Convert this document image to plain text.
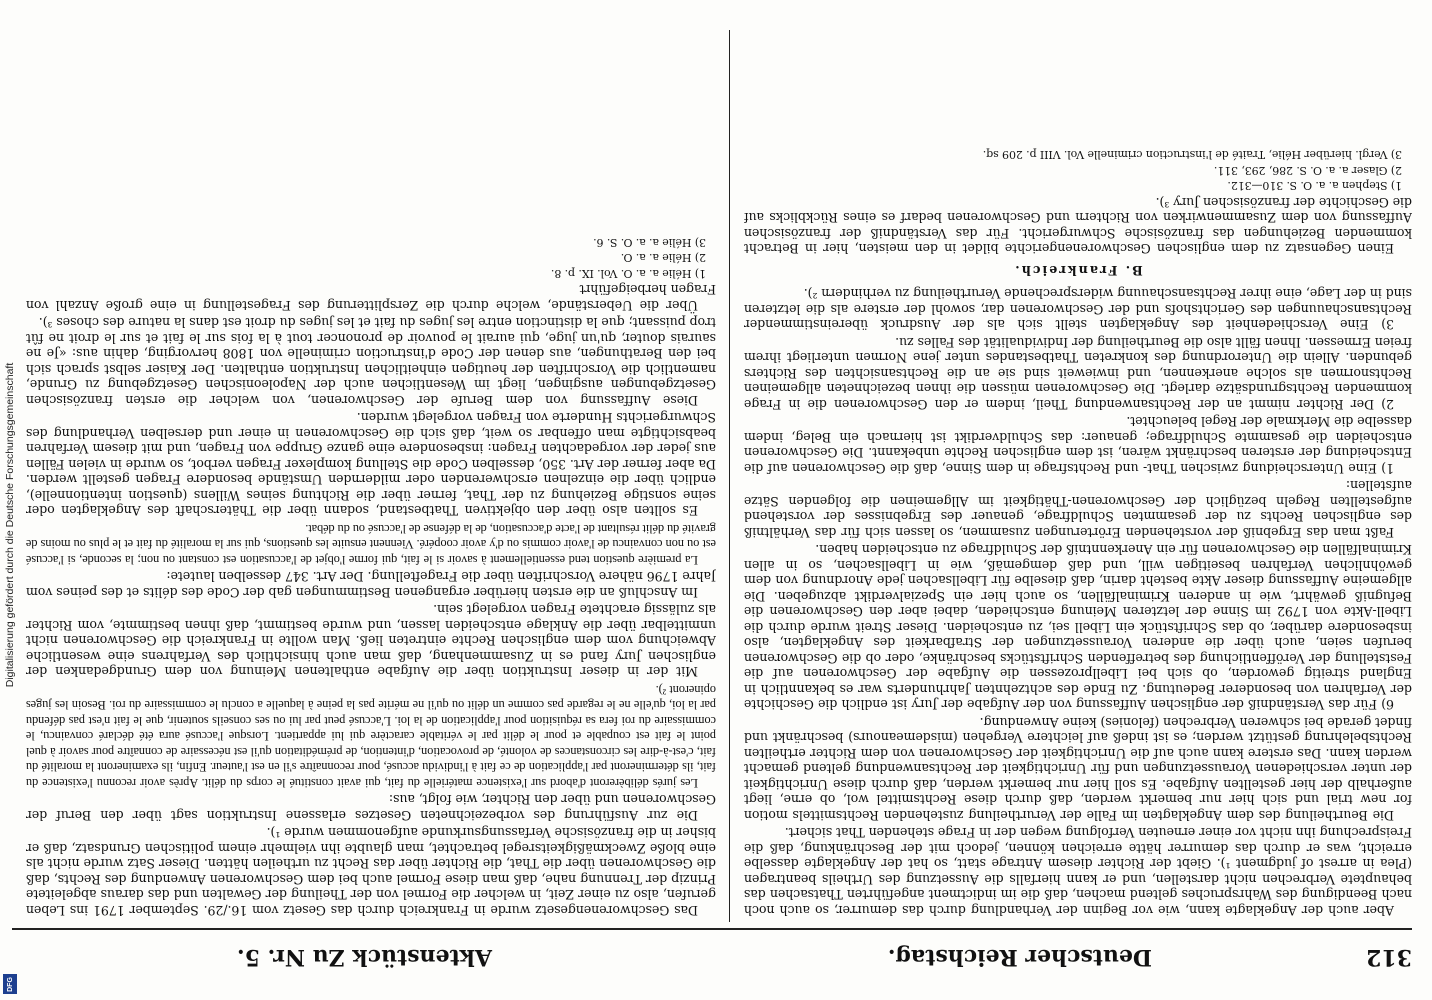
312
Deutscher Reichstag.
Aktenstück Zu Nr. 5.

Aber auch der Angeklagte kann, wie vor Beginn der Verhandlung durch das demurrer, so auch noch nach Beendigung des Wahrspruches geltend machen, daß die im indictment angeführten Thatsachen das behauptete Verbrechen nicht darstellen, und er kann hierfalls die Aussetzung des Urtheils beantragen (Plea in arrest of judgment ¹). Giebt der Richter diesem Antrage statt, so hat der Angeklagte dasselbe erreicht, was er durch das demurrer hätte erreichen können, jedoch mit der Beschränkung, daß die Freisprechung ihn nicht vor einer erneuten Verfolgung wegen der in Frage stehenden That sichert.

Die Beurtheilung des dem Angeklagten im Falle der Verurtheilung zustehenden Rechtsmittels motion for new trial und sich hier nur bemerkt werden, daß durch diese Rechtsmittel wol, ob erne, liegt außerhalb der hier gestellten Aufgabe. Es soll hier nur bemerkt werden, daß durch diese Unrichtigkeit der unter verschiedenen Voraussetzungen und für Unrichtigkeit der Rechtsanwendung geltend gemacht werden kann. Das erstere kann auch auf die Unrichtigkeit der Geschworenen von dem Richter ertheilten Rechtsbelehrung gestützt werden; es ist indeß auf leichtere Vergehen (misdemeanours) beschränkt und findet gerade bei schweren Verbrechen (felonies) keine Anwendung.

6) Für das Verständniß der englischen Auffassung von der Aufgabe der Jury ist endlich die Geschichte der Verfahren von besonderer Bedeutung. Zu Ende des achtzehnten Jahrhunderts war es bekanntlich in England streitig geworden, ob sich bei Libellprozessen die Aufgabe der Geschworenen auf die Feststellung der Veröffentlichung des betreffenden Schriftstücks beschränke, oder ob die Geschworenen berufen seien, auch über die anderen Voraussetzungen der Strafbarkeit des Angeklagten, also insbesondere darüber, ob das Schriftstück ein Libell sei, zu entscheiden. Dieser Streit wurde durch die Libell-Akte von 1792 im Sinne der letzteren Meinung entschieden, dabei aber den Geschworenen die Befugniß gewährt, wie in anderen Kriminalfällen, so auch hier ein Spezialverdikt abzugeben. Die allgemeine Auffassung dieser Akte besteht darin, daß dieselbe für Libellsachen jede Anordnung von dem gewöhnlichen Verfahren beseitigen will, und daß demgemäß, wie in Libellsachen, so in allen Kriminalfällen die Geschworenen für ein Anerkenntniß der Schuldfrage zu entscheiden haben.

Faßt man das Ergebniß der vorstehenden Erörterungen zusammen, so lassen sich für das Verhältniß des englischen Rechts zu der gesammten Schuldfrage, genauer des Ergebnisses der vorstehend aufgestellten Regeln bezüglich der Geschworenen-Thätigkeit im Allgemeinen die folgenden Sätze aufstellen:

1) Eine Unterscheidung zwischen That- und Rechtsfrage in dem Sinne, daß die Geschworenen auf die Entscheidung der ersteren beschränkt wären, ist dem englischen Rechte unbekannt. Die Geschworenen entscheiden die gesammte Schuldfrage; genauer: das Schuldverdikt ist hiernach ein Beleg, indem dasselbe die Merkmale der Regel beleuchtet.

2) Der Richter nimmt an der Rechtsanwendung Theil, indem er den Geschworenen die in Frage kommenden Rechtsgrundsätze darlegt. Die Geschworenen müssen die ihnen bezeichneten allgemeinen Rechtsnormen als solche anerkennen, und inwieweit sind sie an die Rechtsansichten des Richters gebunden. Allein die Unterordnung des konkreten Thatbestandes unter jene Normen unterliegt ihrem freien Ermessen. Ihnen fällt also die Beurtheilung der Individualität des Falles zu.

3) Eine Verschiedenheit des Angeklagten stellt sich als der Ausdruck übereinstimmender Rechtsanschauungen des Gerichtshofs und der Geschworenen dar, sowohl der erstere als die letzteren sind in der Lage, eine ihrer Rechtsanschauung widersprechende Verurtheilung zu verhindern ²).

B. Frankreich.

Einen Gegensatz zu dem englischen Geschworenengerichte bildet in den meisten, hier in Betracht kommenden Beziehungen das französische Schwurgericht. Für das Verständniß der französischen Auffassung von dem Zusammenwirken von Richtern und Geschworenen bedarf es eines Rückblicks auf die Geschichte der französischen Jury ³).

1) Stephen a. a. O. S. 310—312.

2) Glaser a. a. O. S. 286, 293, 311.

3) Vergl. hierüber Hélie, Traité de l'instruction criminelle Vol. VIII p. 209 sq.

Das Geschworenengesetz wurde in Frankreich durch das Gesetz vom 16./29. September 1791 ins Leben gerufen, also zu einer Zeit, in welcher die Formel von der Theilung der Gewalten und das daraus abgeleitete Prinzip der Trennung nahe, daß man diese Formel auch bei dem Geschworenen Anwendung des Rechts, daß die Geschworenen über die That, die Richter über das Recht zu urtheilen hätten. Dieser Satz wurde nicht als eine bloße Zweckmäßigkeitsregel betrachtet, man glaubte ihn vielmehr einem politischen Grundsatz, daß er bisher in die französische Verfassungsurkunde aufgenommen wurde ¹).

Die zur Ausführung des vorbezeichneten Gesetzes erlassene Instruktion sagt über den Beruf der Geschworenen und über den Richter, wie folgt, aus:

Les jurés délibèreront d'abord sur l'existence matérielle du fait, qui avait constitué le corps du délit. Après avoir reconnu l'existence du fait, ils détermineront par l'application de ce fait à l'individu accusé, pour reconnaître s'il en est l'auteur. Enfin, ils examineront la moralité du fait, c'est-à-dire les circonstances de volonté, de provocation, d'intention, de préméditation qu'il est nécessaire de connaître pour savoir à quel point le fait est coupable et pour le délit par le véritable caractère qui lui appartient. Lorsque l'accusé aura été déclaré convaincu, le commissaire du roi fera sa réquisition pour l'application de la loi. L'accusé peut par lui ou ses conseils soutenir, que le fait n'est pas défendu par la loi, qu'elle ne le regarde pas comme un délit ou qu'il ne mérite pas la peine à laquelle a conclu le commissaire du roi. Besoin les juges opineront ²).

Mit der in dieser Instruktion über die Aufgabe enthaltenen Meinung von dem Grundgedanken der englischen Jury fand es in Zusammenhang, daß man auch hinsichtlich des Verfahrens eine wesentliche Abweichung vom dem englischen Rechte eintreten ließ. Man wollte in Frankreich die Geschworenen nicht unmittelbar über die Anklage entscheiden lassen, und wurde bestimmt, daß ihnen bestimmte, vom Richter als zulässig erachtete Fragen vorgelegt sein.

Im Anschluß an die ersten hierüber ergangenen Bestimmungen gab der Code des délits et des peines vom Jahre 1796 nähere Vorschriften über die Frageftellung. Der Art. 347 desselben lautete:

La première question tend essentiellement à savoir si le fait, qui forme l'objet de l'accusation est constant ou non; la seconde, si l'accusé est ou non convaincu de l'avoir commis ou d'y avoir coopéré. Viennent ensuite les questions, qui sur la moralité du fait et le plus ou moins de gravité du délit résultant de l'acte d'accusation, de la défense de l'accusé ou du débat.

Es sollten also über den objektiven Thatbestand, sodann über die Thäterschaft des Angeklagten oder seine sonstige Beziehung zu der That, ferner über die Richtung seines Willens (question intentionnelle), endlich über die einzelnen erschwerenden oder mildernden Umstände besondere Fragen gestellt werden. Da aber ferner der Art. 350, desselben Code die Stellung komplexer Fragen verbot, so wurde in vielen Fällen aus jeder der vorgedachten Fragen: insbesondere eine ganze Gruppe von Fragen, und mit diesem Verfahren beabsichtigte man offenbar so weit, daß sich die Geschworenen in einer und derselben Verhandlung des Schwurgerichts Hunderte von Fragen vorgelegt wurden.

Diese Auffassung von dem Berufe der Geschworenen, von welcher die ersten französischen Gesetzgebungen ausgingen, liegt im Wesentlichen auch der Napoleonischen Gesetzgebung zu Grunde, namentlich die Vorschriften der heutigen einheitlichen Instruktion enthalten. Der Kaiser selbst sprach sich bei den Berathungen, aus denen der Code d'instruction criminelle von 1808 hervorging, dahin aus: «Je ne saurais douter, qu'un juge, qui aurait le pouvoir de prononcer tout à la fois sur le fait et sur le droit ne fût trop puissant; que la distinction entre les juges du fait et les juges du droit est dans la nature des choses ³).

Über die Ueberstände, welche durch die Zersplitterung des Fragestellung in eine große Anzahl von Fragen herbeigeführt

1) Hélie a. a. O. Vol. IX. p. 8.

2) Hélie a. a. O.

3) Hélie a. a. O. S. 6.

Digitalisierung gefördert durch die Deutsche Forschungsgemeinschaft
DFG
